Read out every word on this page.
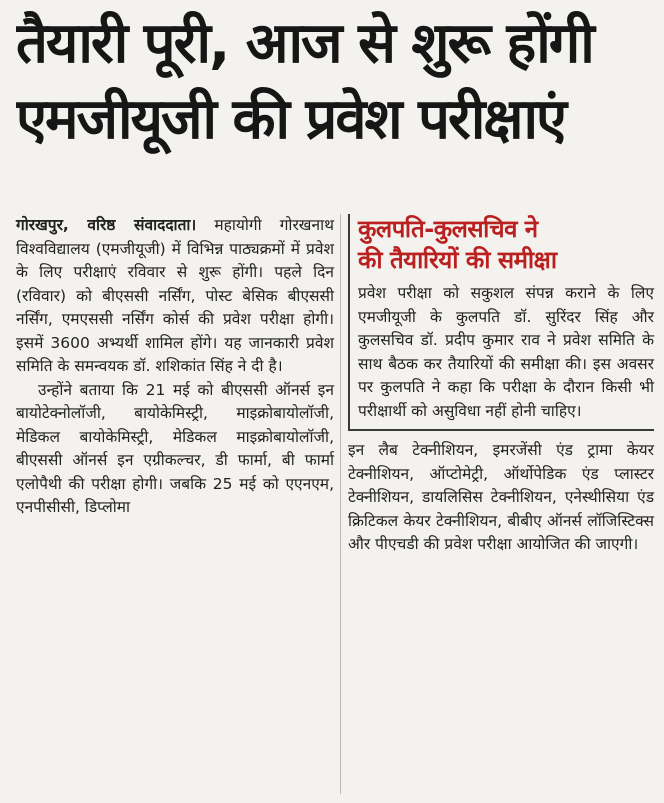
तैयारी पूरी, आज से शुरू होंगी
एमजीयूजी की प्रवेश परीक्षाएं

गोरखपुर, वरिष्ठ संवाददाता। महायोगी गोरखनाथ विश्वविद्यालय (एमजीयूजी) में विभिन्न पाठ्यक्रमों में प्रवेश के लिए परीक्षाएं रविवार से शुरू होंगी। पहले दिन (रविवार) को बीएससी नर्सिंग, पोस्ट बेसिक बीएससी नर्सिंग, एमएससी नर्सिंग कोर्स की प्रवेश परीक्षा होगी। इसमें 3600 अभ्यर्थी शामिल होंगे। यह जानकारी प्रवेश समिति के समन्वयक डॉ. शशिकांत सिंह ने दी है।

उन्होंने बताया कि 21 मई को बीएससी ऑनर्स इन बायोटेक्नोलॉजी, बायोकेमिस्ट्री, माइक्रोबायोलॉजी, मेडिकल बायोकेमिस्ट्री, मेडिकल माइक्रोबायोलॉजी, बीएससी ऑनर्स इन एग्रीकल्चर, डी फार्मा, बी फार्मा एलोपैथी की परीक्षा होगी। जबकि 25 मई को एएनएम, एनपीसीसी, डिप्लोमा

कुलपति-कुलसचिव ने
की तैयारियों की समीक्षा

प्रवेश परीक्षा को सकुशल संपन्न कराने के लिए एमजीयूजी के कुलपति डॉ. सुरिंदर सिंह और कुलसचिव डॉ. प्रदीप कुमार राव ने प्रवेश समिति के साथ बैठक कर तैयारियों की समीक्षा की। इस अवसर पर कुलपति ने कहा कि परीक्षा के दौरान किसी भी परीक्षार्थी को असुविधा नहीं होनी चाहिए।

इन लैब टेक्नीशियन, इमरजेंसी एंड ट्रामा केयर टेक्नीशियन, ऑप्टोमेट्री, ऑर्थोपेडिक एंड प्लास्टर टेक्नीशियन, डायलिसिस टेक्नीशियन, एनेस्थीसिया एंड क्रिटिकल केयर टेक्नीशियन, बीबीए ऑनर्स लॉजिस्टिक्स और पीएचडी की प्रवेश परीक्षा आयोजित की जाएगी।
